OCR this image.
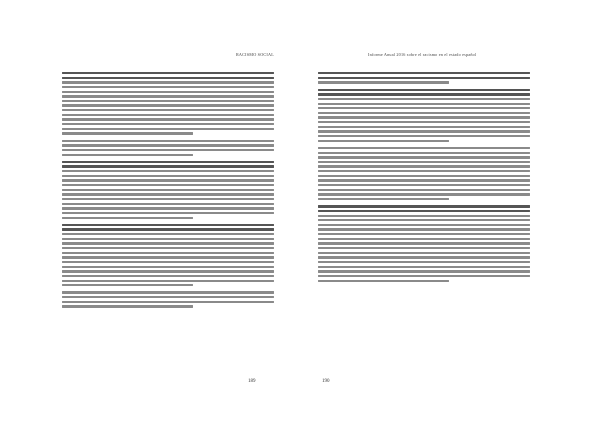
RACISMO SOCIAL
189
Informe Anual 2016 sobre el racismo en el estado español
190
